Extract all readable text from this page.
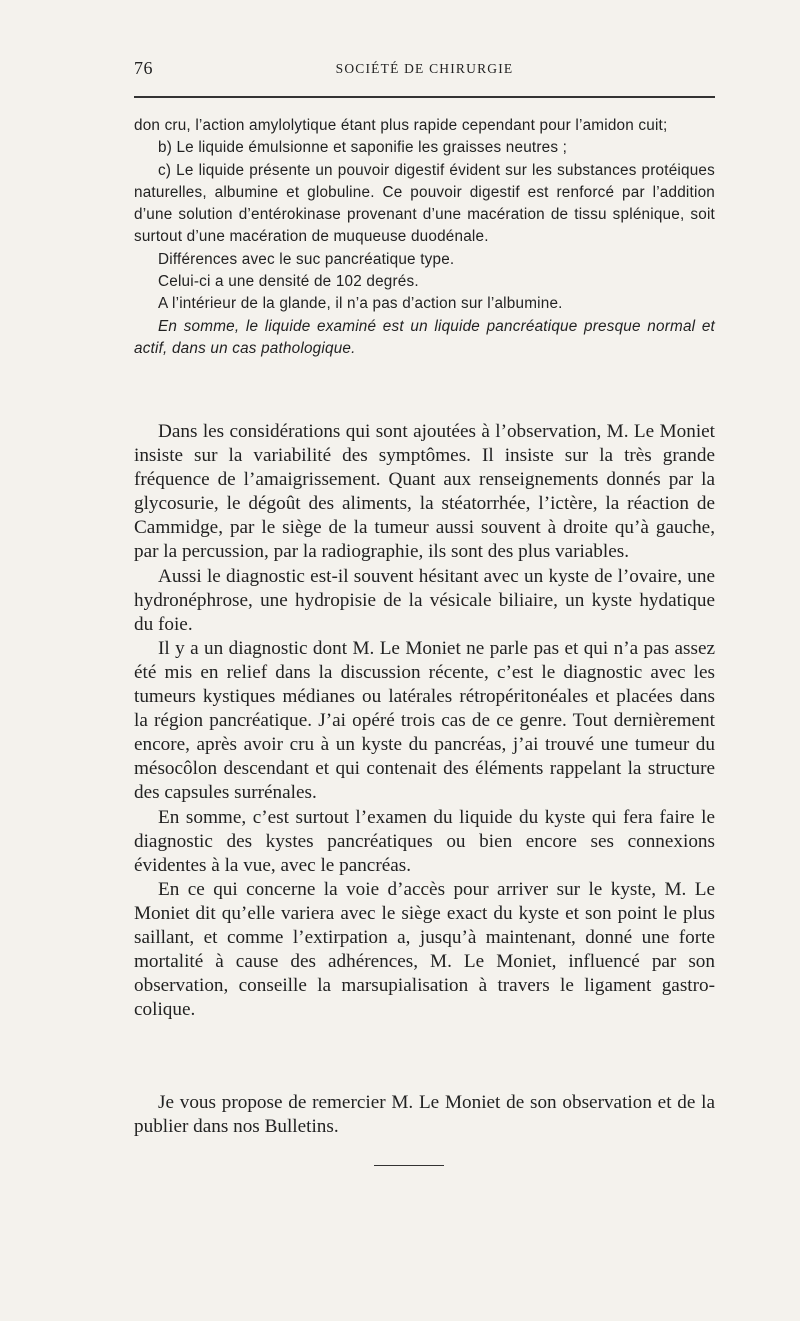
76	SOCIÉTÉ DE CHIRURGIE

don cru, l’action amylolytique étant plus rapide cependant pour l’amidon cuit;

b) Le liquide émulsionne et saponifie les graisses neutres ;

c) Le liquide présente un pouvoir digestif évident sur les substances protéiques naturelles, albumine et globuline. Ce pouvoir digestif est renforcé par l’addition d’une solution d’entérokinase provenant d’une macération de tissu splénique, soit surtout d’une macération de muqueuse duodénale.

Différences avec le suc pancréatique type.

Celui-ci a une densité de 102 degrés.

A l’intérieur de la glande, il n’a pas d’action sur l’albumine.

En somme, le liquide examiné est un liquide pancréatique presque normal et actif, dans un cas pathologique.

Dans les considérations qui sont ajoutées à l’observation, M. Le Moniet insiste sur la variabilité des symptômes. Il insiste sur la très grande fréquence de l’amaigrissement. Quant aux renseignements donnés par la glycosurie, le dégoût des aliments, la stéatorrhée, l’ictère, la réaction de Cammidge, par le siège de la tumeur aussi souvent à droite qu’à gauche, par la percussion, par la radiographie, ils sont des plus variables.

Aussi le diagnostic est-il souvent hésitant avec un kyste de l’ovaire, une hydronéphrose, une hydropisie de la vésicale biliaire, un kyste hydatique du foie.

Il y a un diagnostic dont M. Le Moniet ne parle pas et qui n’a pas assez été mis en relief dans la discussion récente, c’est le diagnostic avec les tumeurs kystiques médianes ou latérales rétropéritonéales et placées dans la région pancréatique. J’ai opéré trois cas de ce genre. Tout dernièrement encore, après avoir cru à un kyste du pancréas, j’ai trouvé une tumeur du mésocôlon descendant et qui contenait des éléments rappelant la structure des capsules surrénales.

En somme, c’est surtout l’examen du liquide du kyste qui fera faire le diagnostic des kystes pancréatiques ou bien encore ses connexions évidentes à la vue, avec le pancréas.

En ce qui concerne la voie d’accès pour arriver sur le kyste, M. Le Moniet dit qu’elle variera avec le siège exact du kyste et son point le plus saillant, et comme l’extirpation a, jusqu’à maintenant, donné une forte mortalité à cause des adhérences, M. Le Moniet, influencé par son observation, conseille la marsupialisation à travers le ligament gastro-colique.

Je vous propose de remercier M. Le Moniet de son observation et de la publier dans nos Bulletins.
